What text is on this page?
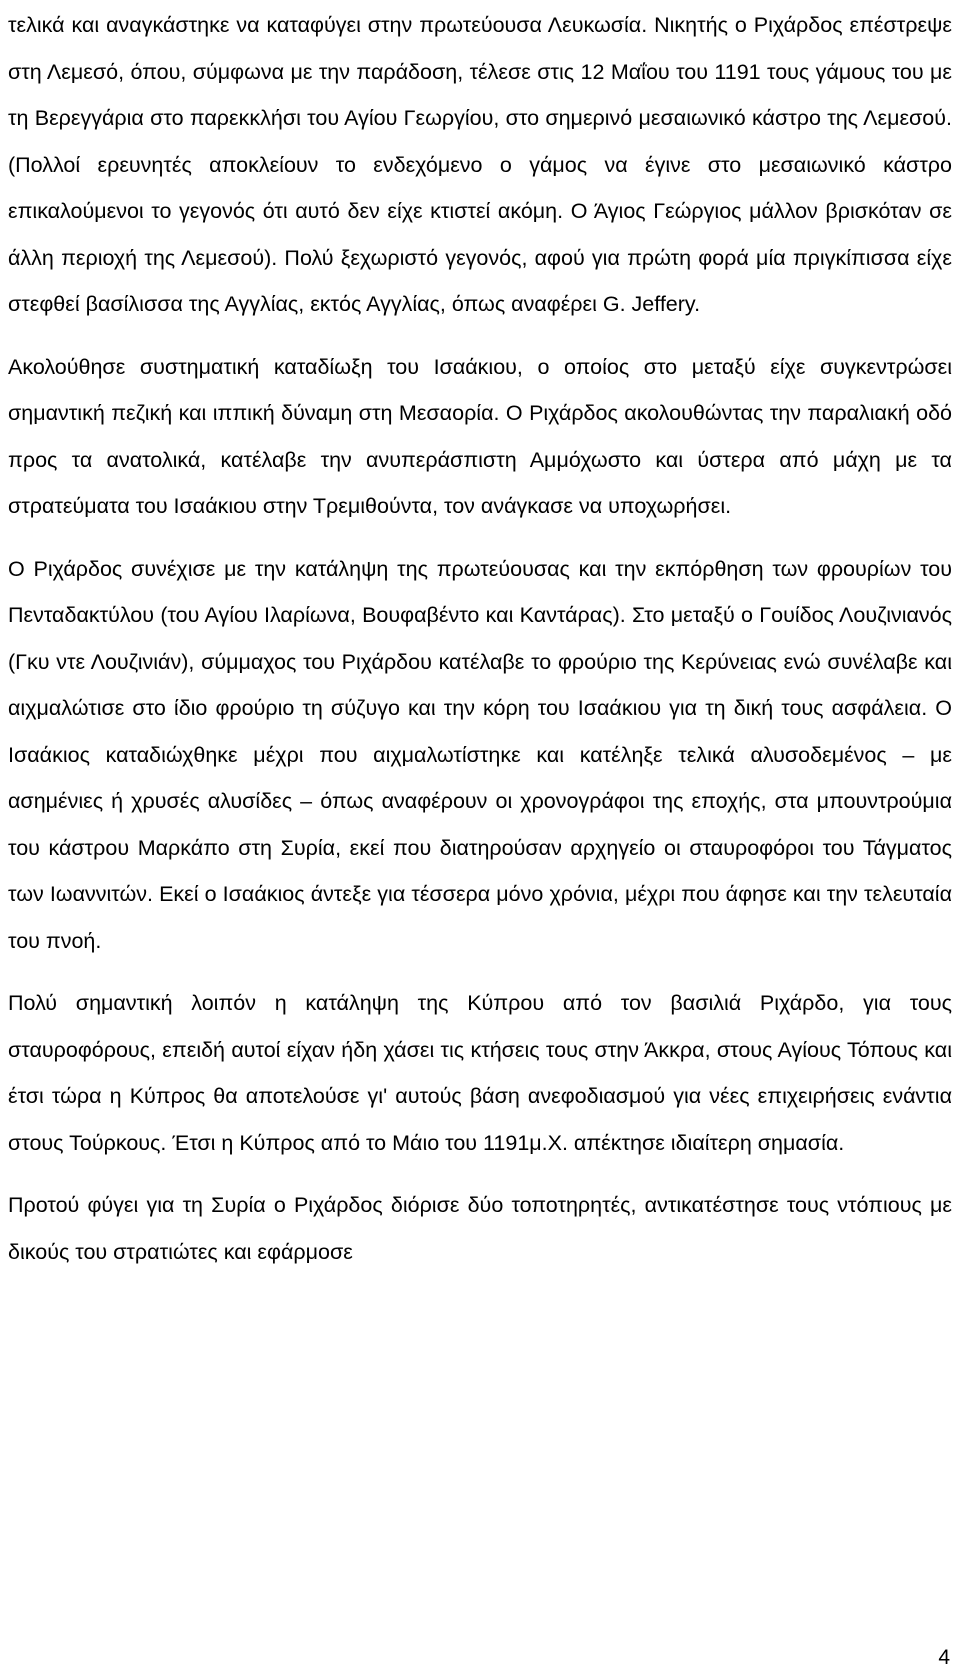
τελικά και αναγκάστηκε να καταφύγει στην πρωτεύουσα Λευκωσία. Νικητής ο Ριχάρδος επέστρεψε στη Λεμεσό, όπου, σύμφωνα με την παράδοση, τέλεσε στις 12 Μαΐου του 1191 τους γάμους του με τη Βερεγγάρια στο παρεκκλήσι του Αγίου Γεωργίου, στο σημερινό μεσαιωνικό κάστρο της Λεμεσού. (Πολλοί ερευνητές αποκλείουν το ενδεχόμενο ο γάμος να έγινε στο μεσαιωνικό κάστρο επικαλούμενοι το γεγονός ότι αυτό δεν είχε κτιστεί ακόμη. Ο Άγιος Γεώργιος μάλλον βρισκόταν σε άλλη περιοχή της Λεμεσού). Πολύ ξεχωριστό γεγονός, αφού για πρώτη φορά μία πριγκίπισσα είχε στεφθεί βασίλισσα της Αγγλίας, εκτός Αγγλίας, όπως αναφέρει G. Jeffery.

Ακολούθησε συστηματική καταδίωξη του Ισαάκιου, ο οποίος στο μεταξύ είχε συγκεντρώσει σημαντική πεζική και ιππική δύναμη στη Μεσαορία. Ο Ριχάρδος ακολουθώντας την παραλιακή οδό προς τα ανατολικά, κατέλαβε την ανυπεράσπιστη Αμμόχωστο και ύστερα από μάχη με τα στρατεύματα του Ισαάκιου στην Τρεμιθούντα, τον ανάγκασε να υποχωρήσει.

Ο Ριχάρδος συνέχισε με την κατάληψη της πρωτεύουσας και την εκπόρθηση των φρουρίων του Πενταδακτύλου (του Αγίου Ιλαρίωνα, Βουφαβέντο και Καντάρας). Στο μεταξύ ο Γουίδος Λουζινιανός (Γκυ ντε Λουζινιάν), σύμμαχος του Ριχάρδου κατέλαβε το φρούριο της Κερύνειας ενώ συνέλαβε και αιχμαλώτισε στο ίδιο φρούριο τη σύζυγο και την κόρη του Ισαάκιου για τη δική τους ασφάλεια. Ο Ισαάκιος καταδιώχθηκε μέχρι που αιχμαλωτίστηκε και κατέληξε τελικά αλυσοδεμένος – με ασημένιες ή χρυσές αλυσίδες – όπως αναφέρουν οι χρονογράφοι της εποχής, στα μπουντρούμια του κάστρου Μαρκάπο στη Συρία, εκεί που διατηρούσαν αρχηγείο οι σταυροφόροι του Τάγματος των Ιωαννιτών. Εκεί ο Ισαάκιος άντεξε για τέσσερα μόνο χρόνια, μέχρι που άφησε και την τελευταία του πνοή.

Πολύ σημαντική λοιπόν η κατάληψη της Κύπρου από τον βασιλιά Ριχάρδο, για τους σταυροφόρους, επειδή αυτοί είχαν ήδη χάσει τις κτήσεις τους στην Άκκρα, στους Αγίους Τόπους και έτσι τώρα η Κύπρος θα αποτελούσε γι' αυτούς βάση ανεφοδιασμού για νέες επιχειρήσεις ενάντια στους Τούρκους. Έτσι η Κύπρος από το Μάιο του 1191μ.Χ. απέκτησε ιδιαίτερη σημασία.

Προτού φύγει για τη Συρία ο Ριχάρδος διόρισε δύο τοποτηρητές, αντικατέστησε τους ντόπιους με δικούς του στρατιώτες και εφάρμοσε

4
